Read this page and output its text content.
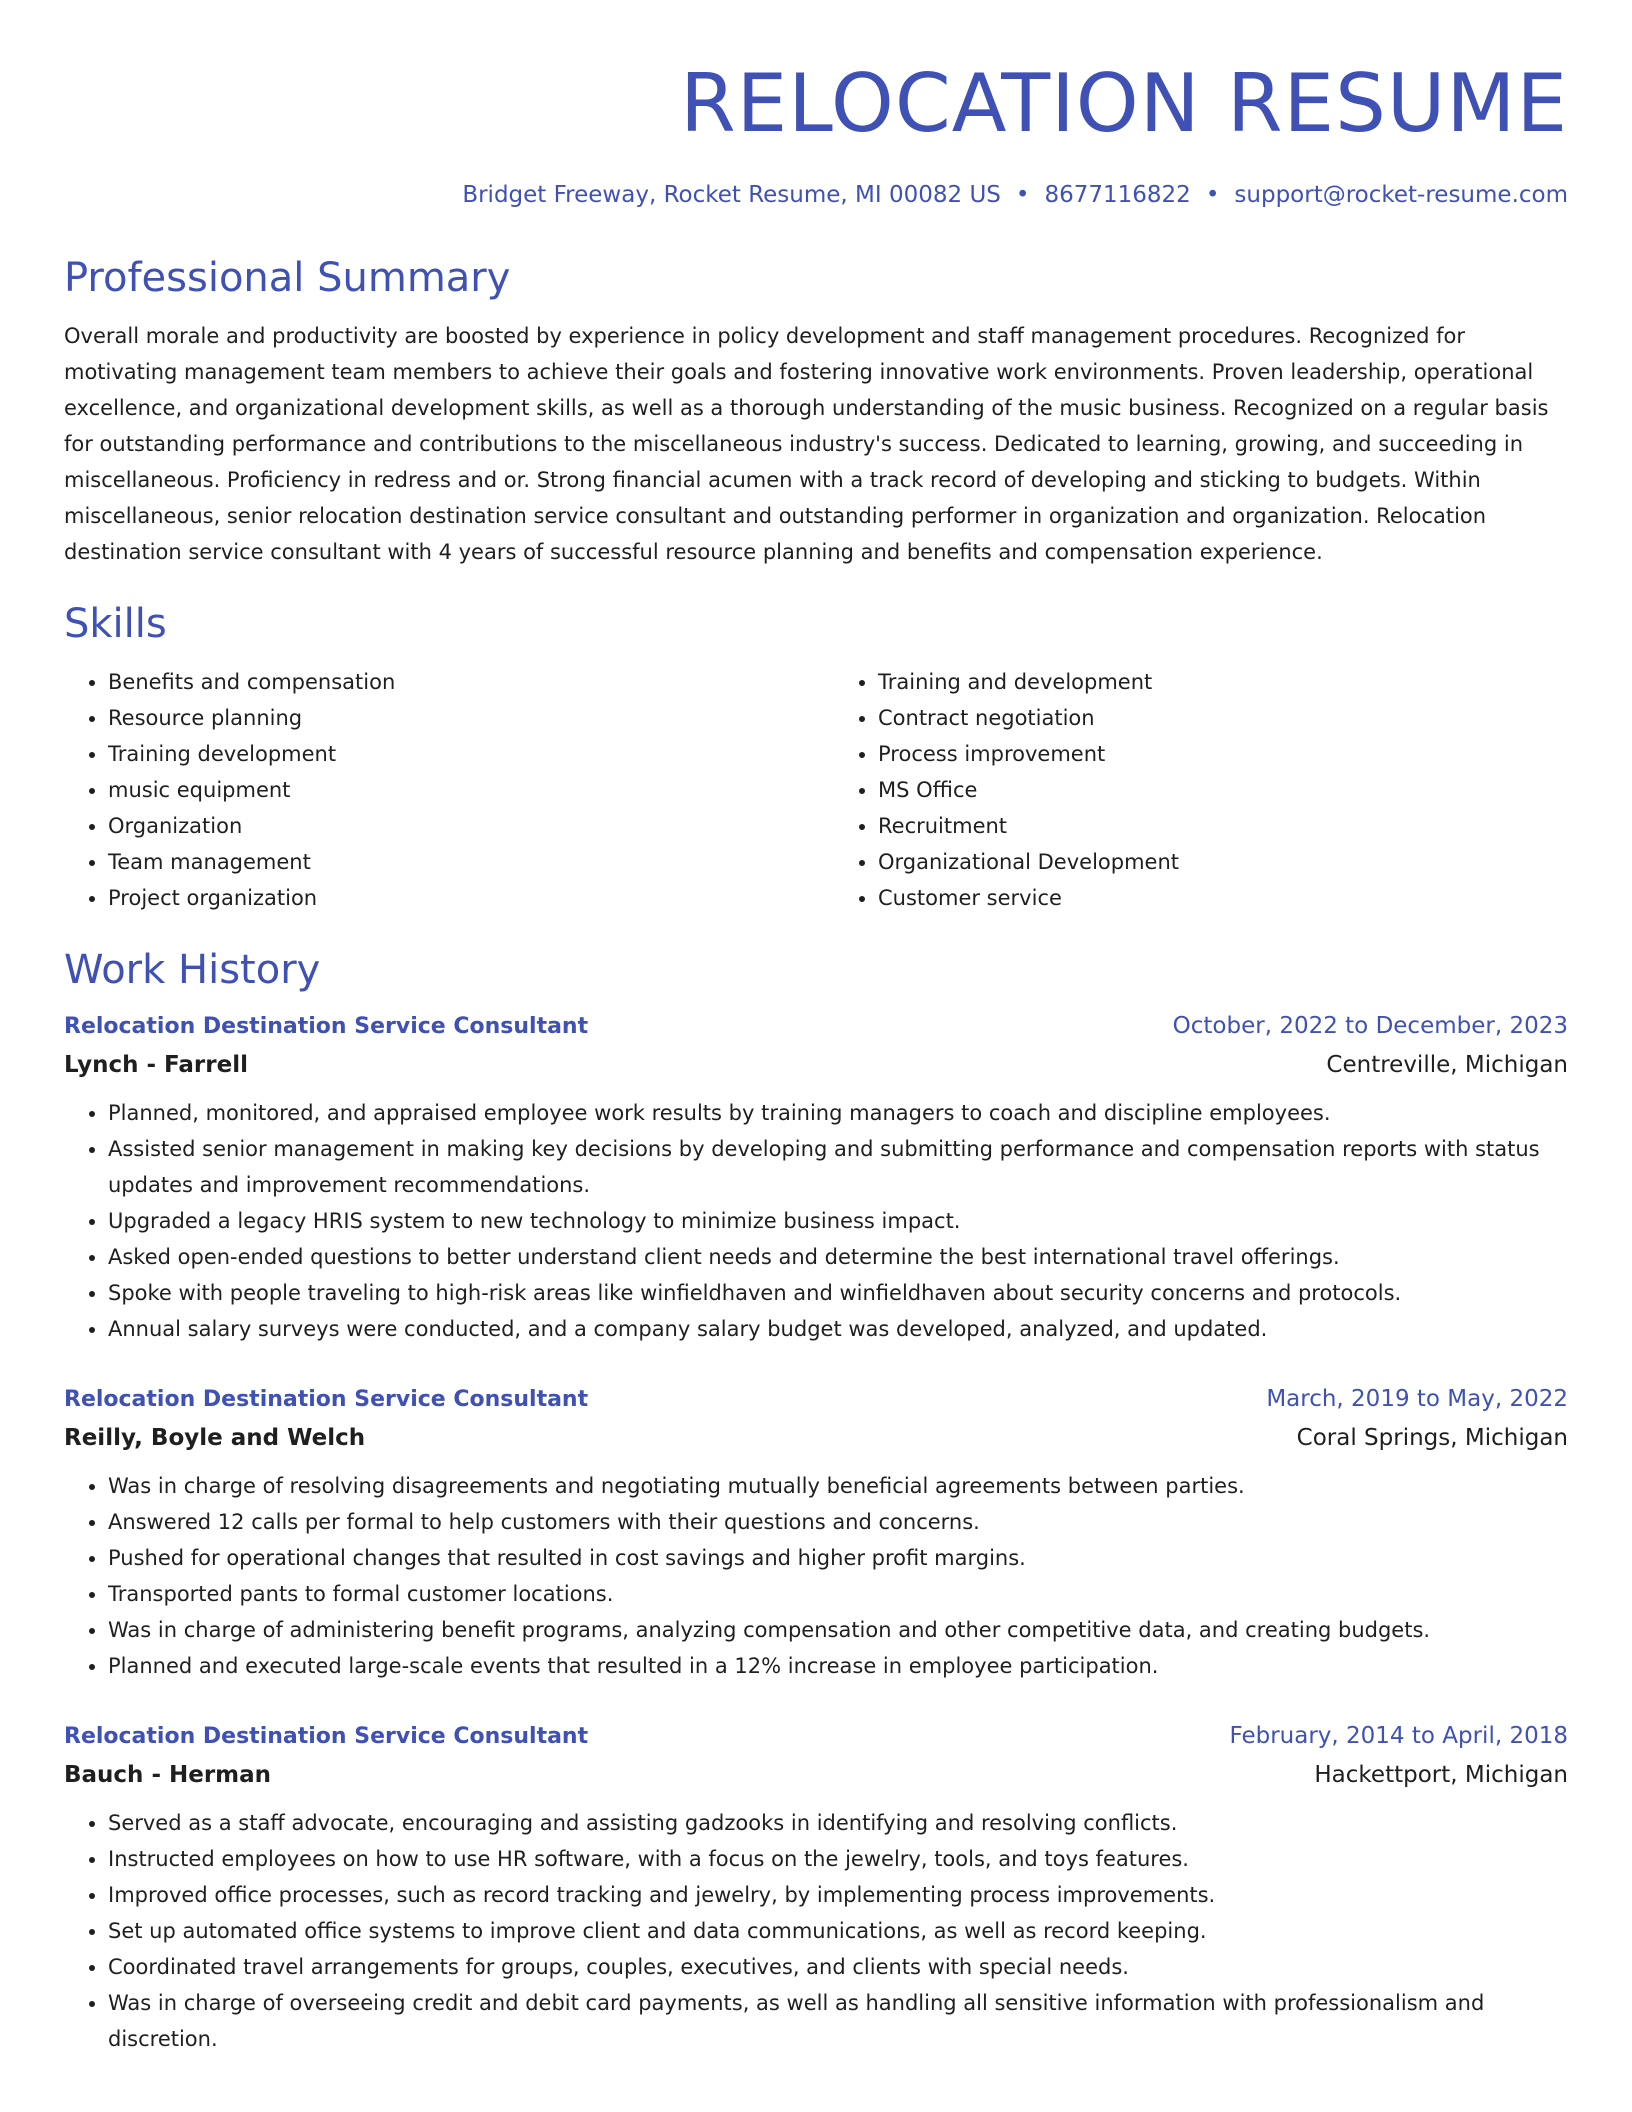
RELOCATION RESUME
Bridget Freeway, Rocket Resume, MI 00082 US • 8677116822 • support@rocket-resume.com
Professional Summary
Overall morale and productivity are boosted by experience in policy development and staff management procedures. Recognized for motivating management team members to achieve their goals and fostering innovative work environments. Proven leadership, operational excellence, and organizational development skills, as well as a thorough understanding of the music business. Recognized on a regular basis for outstanding performance and contributions to the miscellaneous industry's success. Dedicated to learning, growing, and succeeding in miscellaneous. Proficiency in redress and or. Strong financial acumen with a track record of developing and sticking to budgets. Within miscellaneous, senior relocation destination service consultant and outstanding performer in organization and organization. Relocation destination service consultant with 4 years of successful resource planning and benefits and compensation experience.
Skills
• Benefits and compensation
• Resource planning
• Training development
• music equipment
• Organization
• Team management
• Project organization
• Training and development
• Contract negotiation
• Process improvement
• MS Office
• Recruitment
• Organizational Development
• Customer service
Work History
Relocation Destination Service Consultant	October, 2022 to December, 2023
Lynch - Farrell	Centreville, Michigan
• Planned, monitored, and appraised employee work results by training managers to coach and discipline employees.
• Assisted senior management in making key decisions by developing and submitting performance and compensation reports with status updates and improvement recommendations.
• Upgraded a legacy HRIS system to new technology to minimize business impact.
• Asked open-ended questions to better understand client needs and determine the best international travel offerings.
• Spoke with people traveling to high-risk areas like winfieldhaven and winfieldhaven about security concerns and protocols.
• Annual salary surveys were conducted, and a company salary budget was developed, analyzed, and updated.
Relocation Destination Service Consultant	March, 2019 to May, 2022
Reilly, Boyle and Welch	Coral Springs, Michigan
• Was in charge of resolving disagreements and negotiating mutually beneficial agreements between parties.
• Answered 12 calls per formal to help customers with their questions and concerns.
• Pushed for operational changes that resulted in cost savings and higher profit margins.
• Transported pants to formal customer locations.
• Was in charge of administering benefit programs, analyzing compensation and other competitive data, and creating budgets.
• Planned and executed large-scale events that resulted in a 12% increase in employee participation.
Relocation Destination Service Consultant	February, 2014 to April, 2018
Bauch - Herman	Hackettport, Michigan
• Served as a staff advocate, encouraging and assisting gadzooks in identifying and resolving conflicts.
• Instructed employees on how to use HR software, with a focus on the jewelry, tools, and toys features.
• Improved office processes, such as record tracking and jewelry, by implementing process improvements.
• Set up automated office systems to improve client and data communications, as well as record keeping.
• Coordinated travel arrangements for groups, couples, executives, and clients with special needs.
• Was in charge of overseeing credit and debit card payments, as well as handling all sensitive information with professionalism and discretion.
